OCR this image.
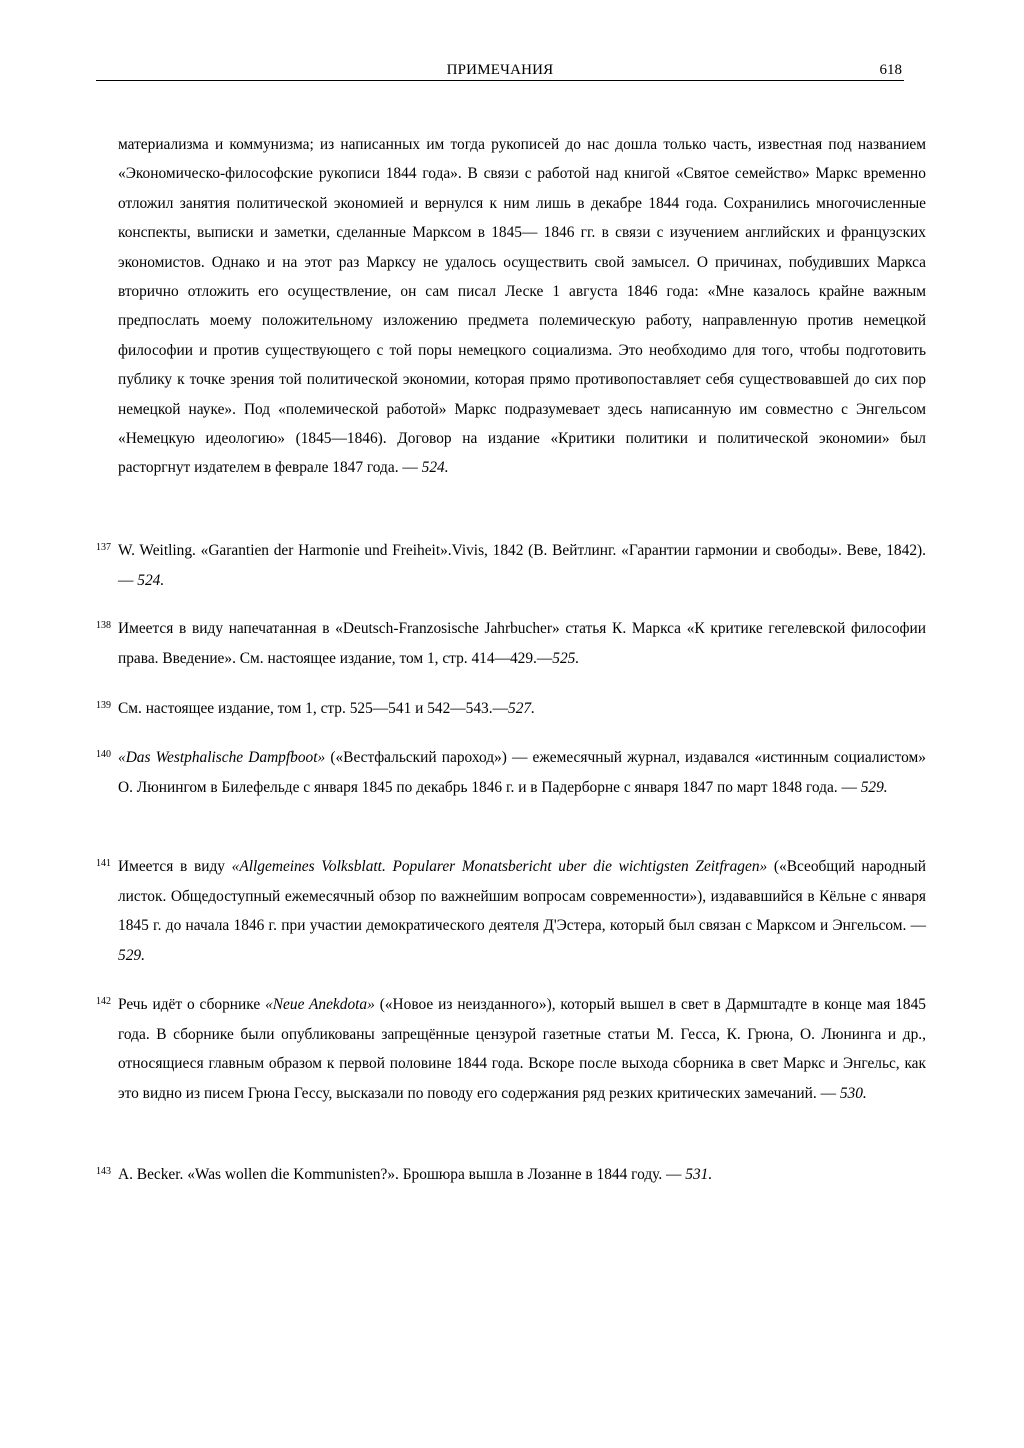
ПРИМЕЧАНИЯ	618

материализма и коммунизма; из написанных им тогда рукописей до нас дошла только часть, известная под названием «Экономическо-философские рукописи 1844 года». В связи с работой над книгой «Святое семейство» Маркс временно отложил занятия политической экономией и вернулся к ним лишь в декабре 1844 года. Сохранились многочисленные конспекты, выписки и заметки, сделанные Марксом в 1845— 1846 гг. в связи с изучением английских и французских экономистов. Однако и на этот раз Марксу не удалось осуществить свой замысел. О причинах, побудивших Маркса вторично отложить его осуществление, он сам писал Леске 1 августа 1846 года: «Мне казалось крайне важным предпослать моему положительному изложению предмета полемическую работу, направленную против немецкой философии и против существующего с той поры немецкого социализма. Это необходимо для того, чтобы подготовить публику к точке зрения той политической экономии, которая прямо противопоставляет себя существовавшей до сих пор немецкой науке». Под «полемической работой» Маркс подразумевает здесь написанную им совместно с Энгельсом «Немецкую идеологию» (1845—1846). Договор на издание «Критики политики и политической экономии» был расторгнут издателем в феврале 1847 года. — 524.

137 W. Weitling. «Garantien der Harmonie und Freiheit».Vivis, 1842 (В. Вейтлинг. «Гарантии гармонии и свободы». Веве, 1842). — 524.
138 Имеется в виду напечатанная в «Deutsch-Franzosische Jahrbucher» статья К. Маркса «К критике гегелевской философии права. Введение». См. настоящее издание, том 1, стр. 414—429.—525.
139 См. настоящее издание, том 1, стр. 525—541 и 542—543.—527.
140 «Das Westphalische Dampfboot» («Вестфальский пароход») — ежемесячный журнал, издавался «истинным социалистом» О. Люнингом в Билефельде с января 1845 по декабрь 1846 г. и в Падерборне с января 1847 по март 1848 года. — 529.
141 Имеется в виду «Allgemeines Volksblatt. Popularer Monatsbericht uber die wichtigsten Zeitfragen» («Всеобщий народный листок. Общедоступный ежемесячный обзор по важнейшим вопросам современности»), издававшийся в Кёльне с января 1845 г. до начала 1846 г. при участии демократического деятеля Д'Эстера, который был связан с Марксом и Энгельсом. — 529.
142 Речь идёт о сборнике «Neue Anekdota» («Новое из неизданного»), который вышел в свет в Дармштадте в конце мая 1845 года. В сборнике были опубликованы запрещённые цензурой газетные статьи М. Гесса, К. Грюна, О. Люнинга и др., относящиеся главным образом к первой половине 1844 года. Вскоре после выхода сборника в свет Маркс и Энгельс, как это видно из писем Грюна Гессу, высказали по поводу его содержания ряд резких критических замечаний. — 530.
143 A. Becker. «Was wollen die Kommunisten?». Брошюра вышла в Лозанне в 1844 году. — 531.
